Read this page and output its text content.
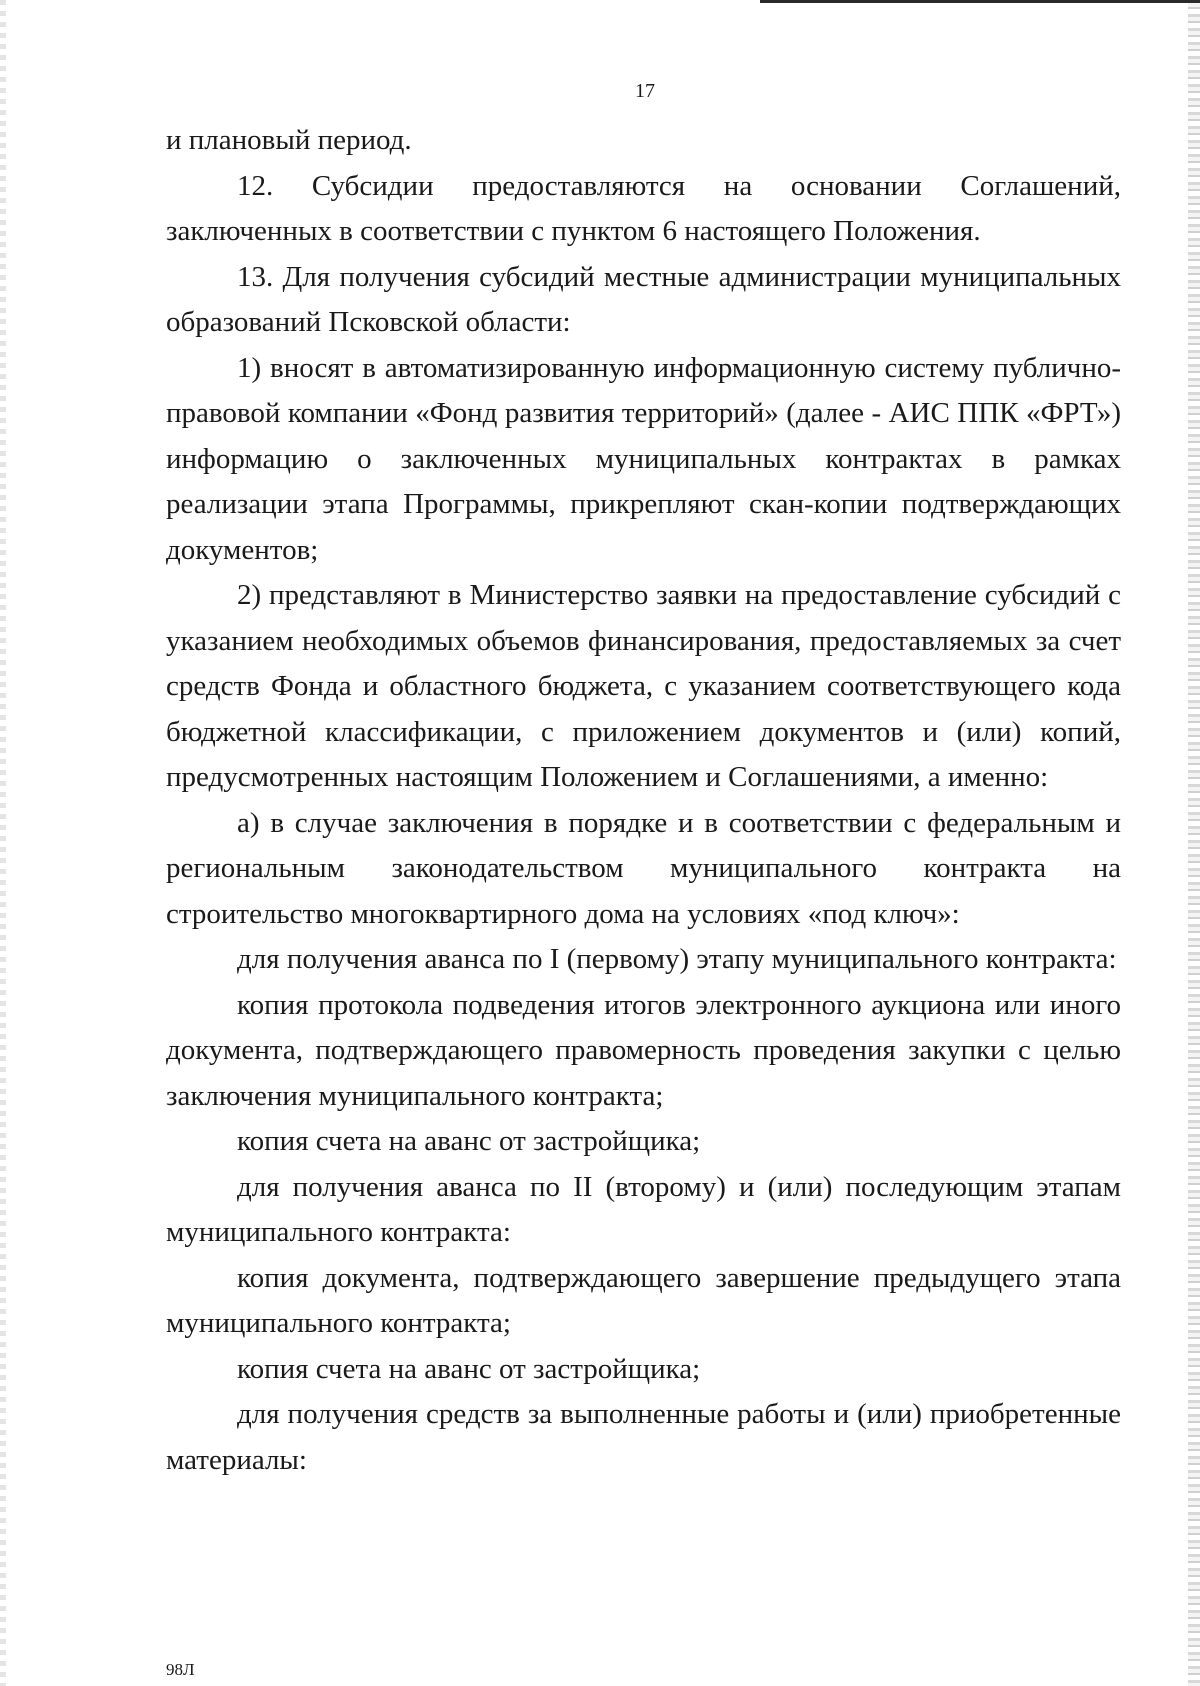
17

и плановый период.

12. Субсидии предоставляются на основании Соглашений, заключенных в соответствии с пунктом 6 настоящего Положения.

13. Для получения субсидий местные администрации муниципальных образований Псковской области:

1) вносят в автоматизированную информационную систему публично-правовой компании «Фонд развития территорий» (далее - АИС ППК «ФРТ») информацию о заключенных муниципальных контрактах в рамках реализации этапа Программы, прикрепляют скан-копии подтверждающих документов;

2) представляют в Министерство заявки на предоставление субсидий с указанием необходимых объемов финансирования, предоставляемых за счет средств Фонда и областного бюджета, с указанием соответствующего кода бюджетной классификации, с приложением документов и (или) копий, предусмотренных настоящим Положением и Соглашениями, а именно:

а) в случае заключения в порядке и в соответствии с федеральным и региональным законодательством муниципального контракта на строительство многоквартирного дома на условиях «под ключ»:

для получения аванса по I (первому) этапу муниципального контракта:

копия протокола подведения итогов электронного аукциона или иного документа, подтверждающего правомерность проведения закупки с целью заключения муниципального контракта;

копия счета на аванс от застройщика;

для получения аванса по II (второму) и (или) последующим этапам муниципального контракта:

копия документа, подтверждающего завершение предыдущего этапа муниципального контракта;

копия счета на аванс от застройщика;

для получения средств за выполненные работы и (или) приобретенные материалы:

98Л
